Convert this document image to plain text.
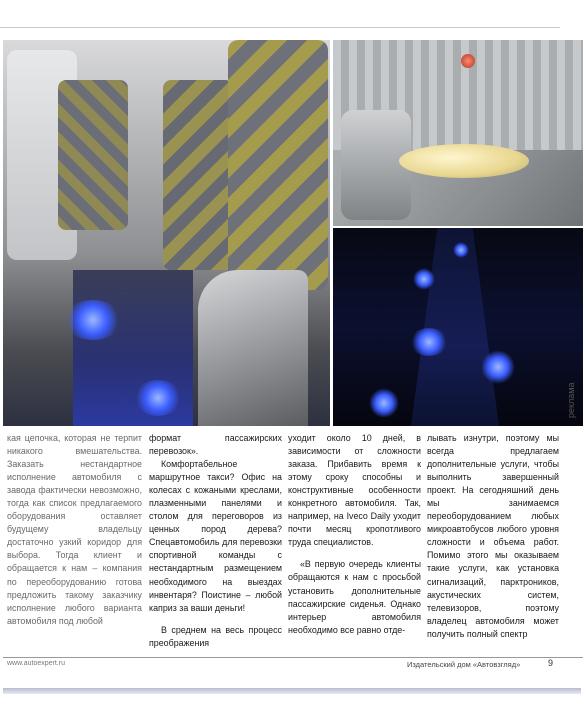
реклама

кая цепочка, которая не терпит никакого вмешательства. Заказать нестандартное исполнение автомобиля с завода фактически невозможно, тогда как список предлагаемого оборудования оставляет будущему владельцу достаточно узкий коридор для выбора. Тогда клиент и обращается к нам – компания по переоборудованию готова предложить такому заказчику исполнение любого варианта автомобиля под любой

формат пассажирских перевозок».

Комфортабельное маршрутное такси? Офис на колесах с кожаными креслами, плазменными панелями и столом для переговоров из ценных пород дерева? Спецавтомобиль для перевозки спортивной команды с нестандартным размещением необходимого на выездах инвентаря? Поистине – любой каприз за ваши деньги!

В среднем на весь процесс преображения

уходит около 10 дней, в зависимости от сложности заказа. Прибавить время к этому сроку способны и конструктивные особенности конкретного автомобиля. Так, например, на Iveco Daily уходит почти месяц кропотливого труда специалистов.

«В первую очередь клиенты обращаются к нам с просьбой установить дополнительные пассажирские сиденья. Однако интерьер автомобиля необходимо все равно отде-

лывать изнутри, поэтому мы всегда предлагаем дополнительные услуги, чтобы выполнить завершенный проект. На сегодняшний день мы занимаемся переоборудованием любых микроавтобусов любого уровня сложности и объема работ. Помимо этого мы оказываем такие услуги, как установка сигнализаций, парктроников, акустических систем, телевизоров, поэтому владелец автомобиля может получить полный спектр

www.autoexpert.ru	Издательский дом «Автовзгляд»	9
